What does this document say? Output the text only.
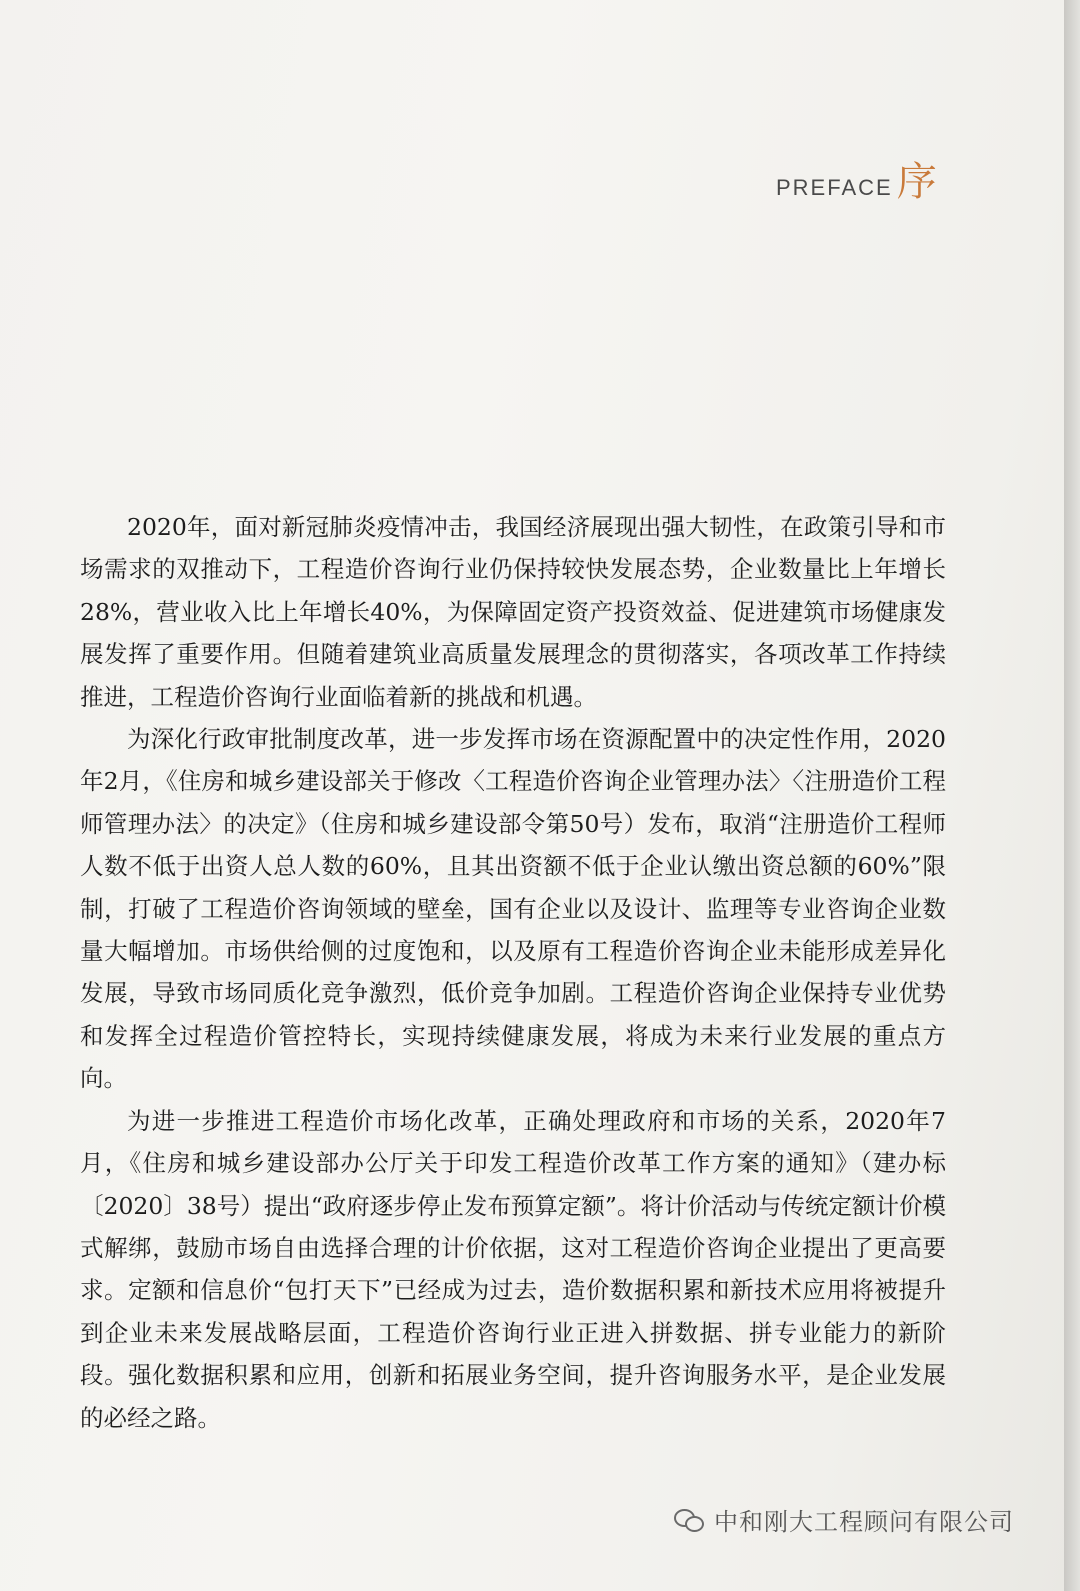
PREFACE 序

2020年，面对新冠肺炎疫情冲击，我国经济展现出强大韧性，在政策引导和市场需求的双推动下，工程造价咨询行业仍保持较快发展态势，企业数量比上年增长28%，营业收入比上年增长40%，为保障固定资产投资效益、促进建筑市场健康发展发挥了重要作用。但随着建筑业高质量发展理念的贯彻落实，各项改革工作持续推进，工程造价咨询行业面临着新的挑战和机遇。

为深化行政审批制度改革，进一步发挥市场在资源配置中的决定性作用，2020年2月，《住房和城乡建设部关于修改〈工程造价咨询企业管理办法〉〈注册造价工程师管理办法〉的决定》（住房和城乡建设部令第50号）发布，取消“注册造价工程师人数不低于出资人总人数的60%，且其出资额不低于企业认缴出资总额的60%”限制，打破了工程造价咨询领域的壁垒，国有企业以及设计、监理等专业咨询企业数量大幅增加。市场供给侧的过度饱和，以及原有工程造价咨询企业未能形成差异化发展，导致市场同质化竞争激烈，低价竞争加剧。工程造价咨询企业保持专业优势和发挥全过程造价管控特长，实现持续健康发展，将成为未来行业发展的重点方向。

为进一步推进工程造价市场化改革，正确处理政府和市场的关系，2020年7月，《住房和城乡建设部办公厅关于印发工程造价改革工作方案的通知》（建办标〔2020〕38号）提出“政府逐步停止发布预算定额”。将计价活动与传统定额计价模式解绑，鼓励市场自由选择合理的计价依据，这对工程造价咨询企业提出了更高要求。定额和信息价“包打天下”已经成为过去，造价数据积累和新技术应用将被提升到企业未来发展战略层面，工程造价咨询行业正进入拼数据、拼专业能力的新阶段。强化数据积累和应用，创新和拓展业务空间，提升咨询服务水平，是企业发展的必经之路。

中和刚大工程顾问有限公司
